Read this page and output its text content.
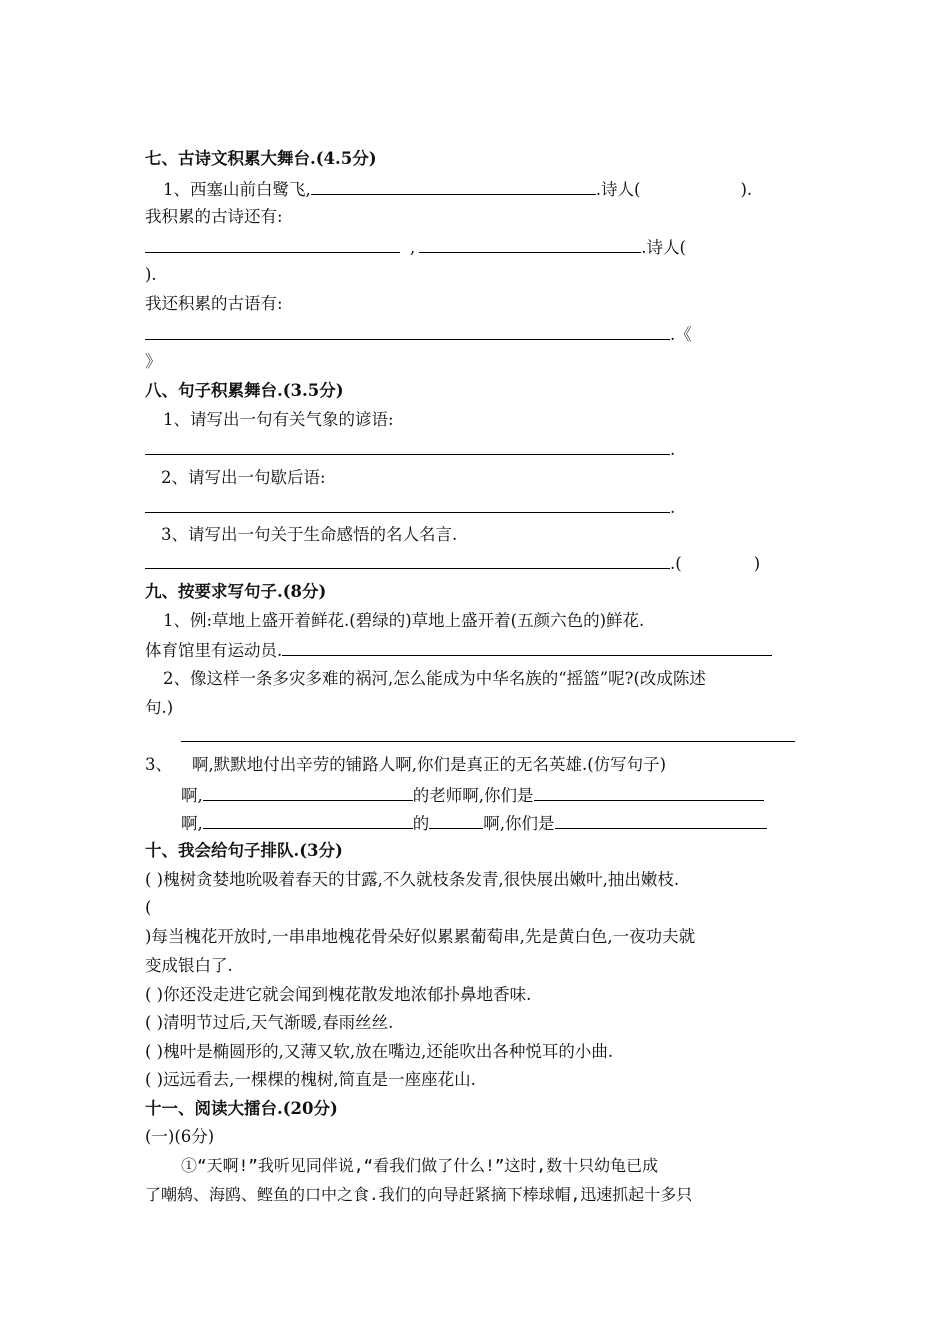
七、古诗文积累大舞台.(4.5分)
1、西塞山前白鹭飞,	.诗人(	).
我积累的古诗还有:
,	.诗人(
).
我还积累的古语有:
.《
》
八、句子积累舞台.(3.5分)
1、请写出一句有关气象的谚语:
.
2、请写出一句歇后语:
.
3、请写出一句关于生命感悟的名人名言.
.(	)
九、按要求写句子.(8分)
1、例:草地上盛开着鲜花.(碧绿的)草地上盛开着(五颜六色的)鲜花.
体育馆里有运动员.
2、像这样一条多灾多难的祸河,怎么能成为中华名族的“摇篮”呢?(改成陈述
句.)
3、 啊,默默地付出辛劳的铺路人啊,你们是真正的无名英雄.(仿写句子)
啊,	的老师啊,你们是
啊,	的	啊,你们是
十、我会给句子排队.(3分)
( )槐树贪婪地吮吸着春天的甘露,不久就枝条发青,很快展出嫩叶,抽出嫩枝.
(
)每当槐花开放时,一串串地槐花骨朵好似累累葡萄串,先是黄白色,一夜功夫就
变成银白了.
( )你还没走进它就会闻到槐花散发地浓郁扑鼻地香味.
( )清明节过后,天气渐暖,春雨丝丝.
( )槐叶是椭圆形的,又薄又软,放在嘴边,还能吹出各种悦耳的小曲.
( )远远看去,一棵棵的槐树,简直是一座座花山.
十一、阅读大擂台.(20分)
(一)(6分)
①“天啊!”我听见同伴说,“看我们做了什么!”这时,数十只幼龟已成
了嘲鸫、海鸥、鲣鱼的口中之食.我们的向导赶紧摘下棒球帽,迅速抓起十多只
